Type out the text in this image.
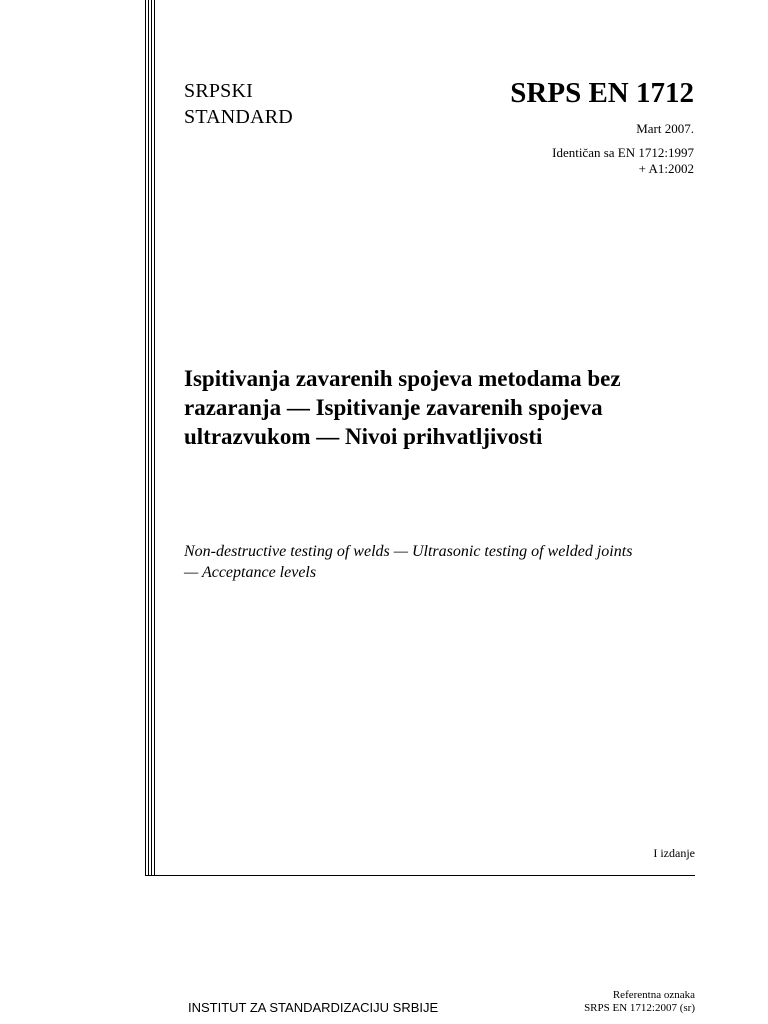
SRPSKI
STANDARD
SRPS EN 1712
Mart 2007.
Identičan sa EN 1712:1997
+ A1:2002
Ispitivanja zavarenih spojeva metodama bez
razaranja — Ispitivanje zavarenih spojeva
ultrazvukom — Nivoi prihvatljivosti
Non-destructive testing of welds — Ultrasonic testing of welded joints
— Acceptance levels
I izdanje
INSTITUT ZA STANDARDIZACIJU SRBIJE
Referentna oznaka
SRPS EN 1712:2007 (sr)
